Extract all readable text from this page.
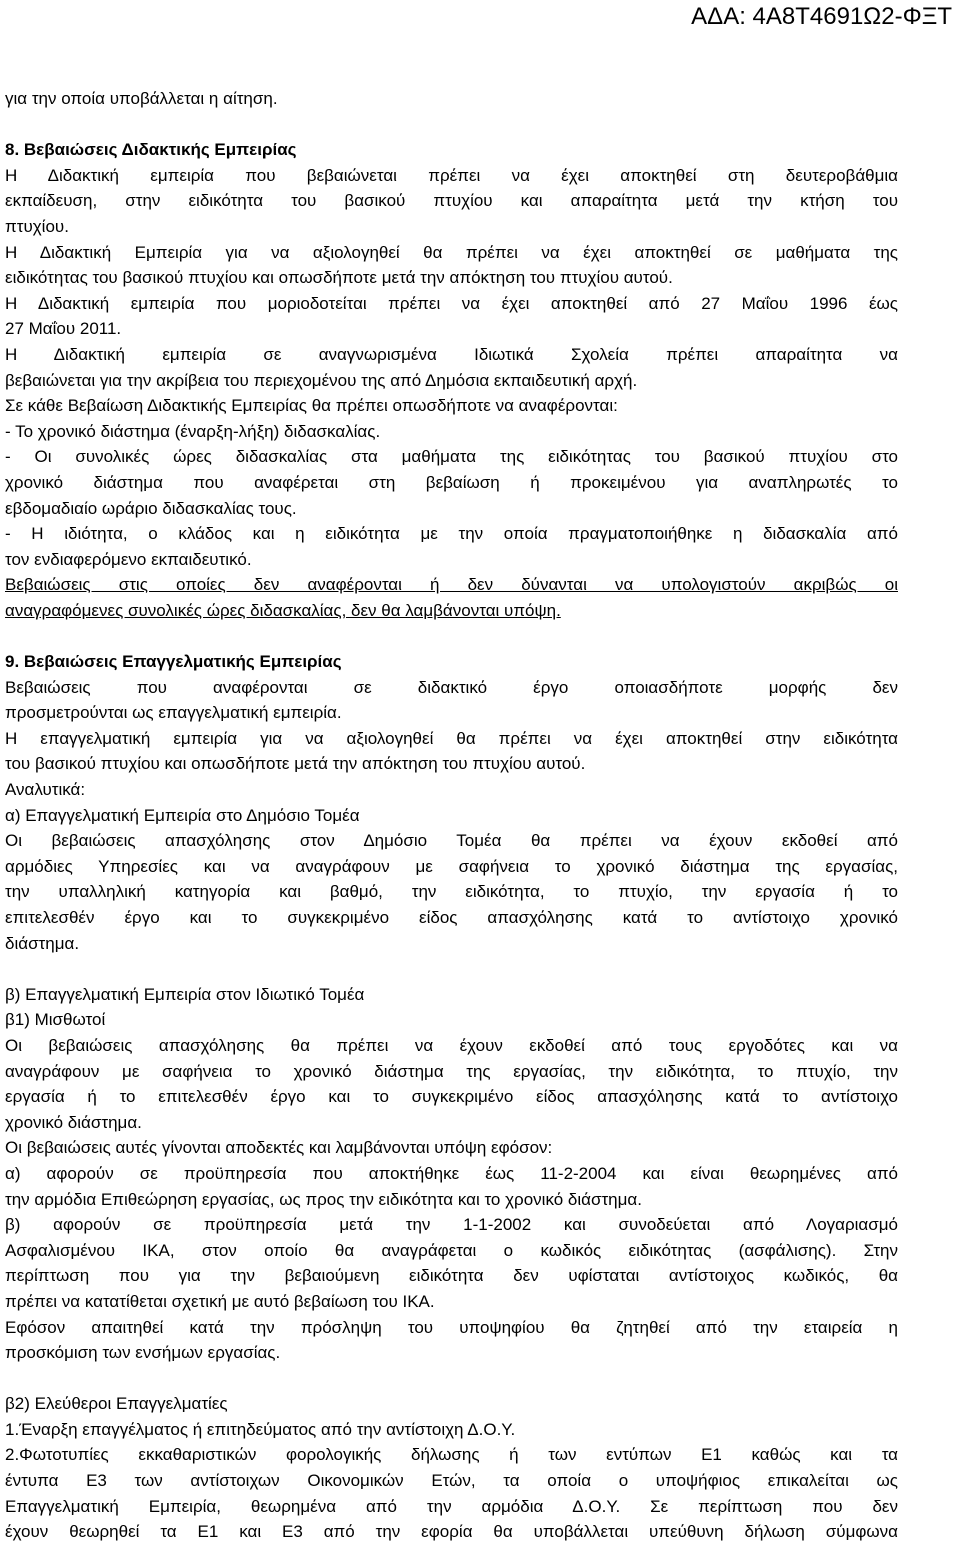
ΑΔΑ: 4Α8Τ4691Ω2-ΦΞΤ
για την οποία υποβάλλεται η αίτηση.
8. Βεβαιώσεις Διδακτικής Εμπειρίας
Η Διδακτική εμπειρία που βεβαιώνεται πρέπει να έχει αποκτηθεί στη δευτεροβάθμια
εκπαίδευση, στην ειδικότητα του βασικού πτυχίου και απαραίτητα μετά την κτήση του
πτυχίου.
Η Διδακτική Εμπειρία για να αξιολογηθεί θα πρέπει να έχει αποκτηθεί σε μαθήματα της
ειδικότητας του βασικού πτυχίου και οπωσδήποτε μετά την απόκτηση του πτυχίου αυτού.
Η Διδακτική εμπειρία που μοριοδοτείται πρέπει να έχει αποκτηθεί από 27 Μαΐου 1996 έως
27 Μαΐου 2011.
Η Διδακτική εμπειρία σε αναγνωρισμένα Ιδιωτικά Σχολεία πρέπει απαραίτητα να
βεβαιώνεται για την ακρίβεια του περιεχομένου της από Δημόσια εκπαιδευτική αρχή.
Σε κάθε Βεβαίωση Διδακτικής Εμπειρίας θα πρέπει οπωσδήποτε να αναφέρονται:
- Το χρονικό διάστημα (έναρξη-λήξη) διδασκαλίας.
- Οι συνολικές ώρες διδασκαλίας στα μαθήματα της ειδικότητας του βασικού πτυχίου στο
χρονικό διάστημα που αναφέρεται στη βεβαίωση ή προκειμένου για αναπληρωτές το
εβδομαδιαίο ωράριο διδασκαλίας τους.
- Η ιδιότητα, ο κλάδος και η ειδικότητα με την οποία πραγματοποιήθηκε η διδασκαλία από
τον ενδιαφερόμενο εκπαιδευτικό.
Βεβαιώσεις στις οποίες δεν αναφέρονται ή δεν δύνανται να υπολογιστούν ακριβώς οι
αναγραφόμενες συνολικές ώρες διδασκαλίας, δεν θα λαμβάνονται υπόψη.
9. Βεβαιώσεις Επαγγελματικής Εμπειρίας
Βεβαιώσεις που αναφέρονται σε διδακτικό έργο οποιασδήποτε μορφής δεν
προσμετρούνται ως επαγγελματική εμπειρία.
Η επαγγελματική εμπειρία για να αξιολογηθεί θα πρέπει να έχει αποκτηθεί στην ειδικότητα
του βασικού πτυχίου και οπωσδήποτε μετά την απόκτηση του πτυχίου αυτού.
Αναλυτικά:
α) Επαγγελματική Εμπειρία στο Δημόσιο Τομέα
Οι βεβαιώσεις απασχόλησης στον Δημόσιο Τομέα θα πρέπει να έχουν εκδοθεί από
αρμόδιες Υπηρεσίες και να αναγράφουν με σαφήνεια το χρονικό διάστημα της εργασίας,
την υπαλληλική κατηγορία και βαθμό, την ειδικότητα, το πτυχίο, την εργασία ή το
επιτελεσθέν έργο και το συγκεκριμένο είδος απασχόλησης κατά το αντίστοιχο χρονικό
διάστημα.
β) Επαγγελματική Εμπειρία στον Ιδιωτικό Τομέα
β1) Μισθωτοί
Οι βεβαιώσεις απασχόλησης θα πρέπει να έχουν εκδοθεί από τους εργοδότες και να
αναγράφουν με σαφήνεια το χρονικό διάστημα της εργασίας, την ειδικότητα, το πτυχίο, την
εργασία ή το επιτελεσθέν έργο και το συγκεκριμένο είδος απασχόλησης κατά το αντίστοιχο
χρονικό διάστημα.
Οι βεβαιώσεις αυτές γίνονται αποδεκτές και λαμβάνονται υπόψη εφόσον:
α) αφορούν σε προϋπηρεσία που αποκτήθηκε έως 11-2-2004 και είναι θεωρημένες από
την αρμόδια Επιθεώρηση εργασίας, ως προς την ειδικότητα και το χρονικό διάστημα.
β) αφορούν σε προϋπηρεσία μετά την 1-1-2002 και συνοδεύεται από Λογαριασμό
Ασφαλισμένου ΙΚΑ, στον οποίο θα αναγράφεται ο κωδικός ειδικότητας (ασφάλισης). Στην
περίπτωση που για την βεβαιούμενη ειδικότητα δεν υφίσταται αντίστοιχος κωδικός, θα
πρέπει να κατατίθεται σχετική με αυτό βεβαίωση του ΙΚΑ.
Εφόσον απαιτηθεί κατά την πρόσληψη του υποψηφίου θα ζητηθεί από την εταιρεία η
προσκόμιση των ενσήμων εργασίας.
β2) Ελεύθεροι Επαγγελματίες
1.Έναρξη επαγγέλματος ή επιτηδεύματος από την αντίστοιχη Δ.Ο.Υ.
2.Φωτοτυπίες εκκαθαριστικών φορολογικής δήλωσης ή των εντύπων Ε1 καθώς και τα
έντυπα Ε3 των αντίστοιχων Οικονομικών Ετών, τα οποία ο υποψήφιος επικαλείται ως
Επαγγελματική Εμπειρία, θεωρημένα από την αρμόδια Δ.Ο.Υ. Σε περίπτωση που δεν
έχουν θεωρηθεί τα Ε1 και Ε3 από την εφορία θα υποβάλλεται υπεύθυνη δήλωση σύμφωνα
